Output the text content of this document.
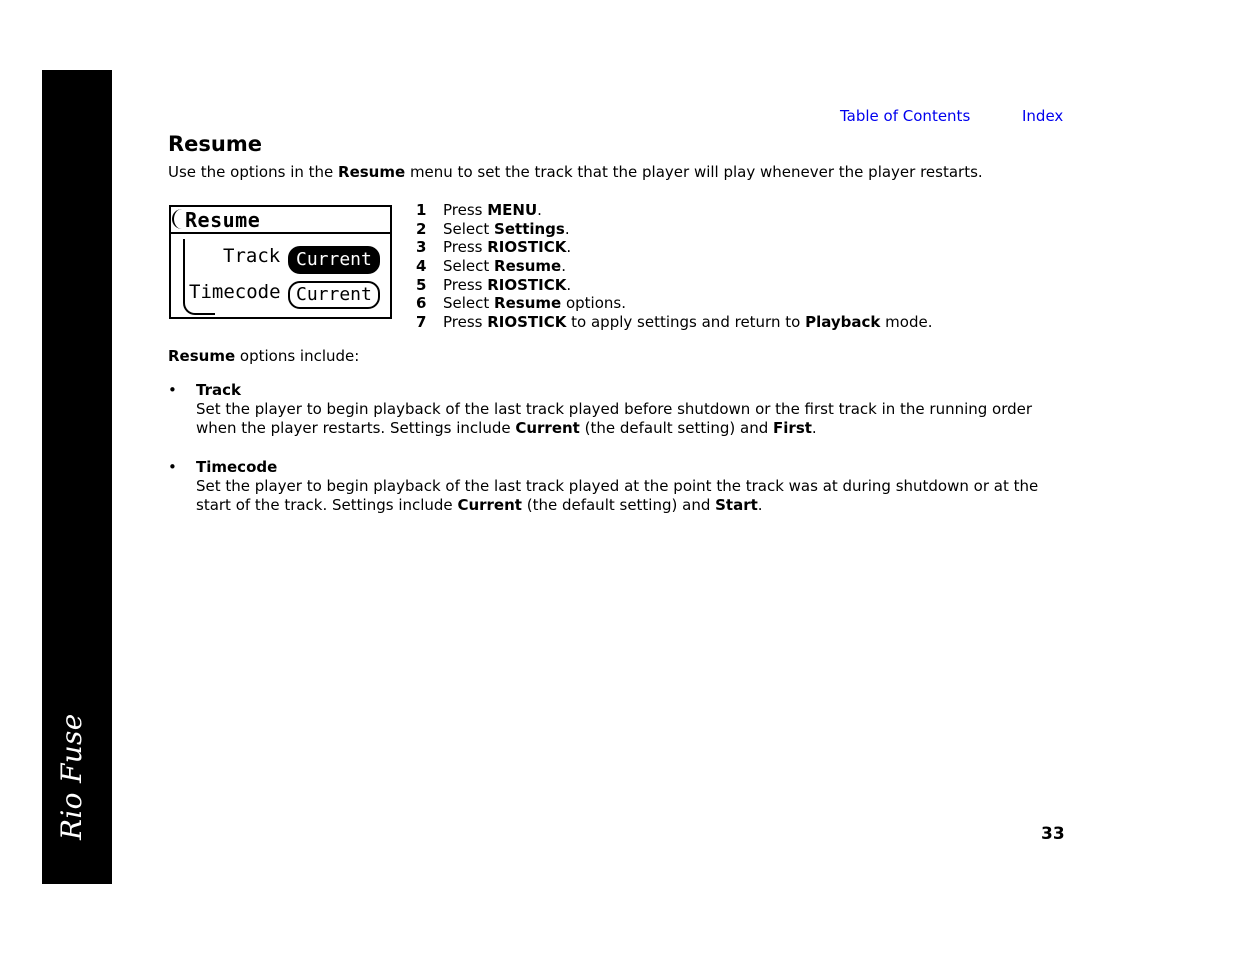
Rio Fuse
Table of Contents	Index
Resume

Use the options in the Resume menu to set the track that the player will play whenever the player restarts.

Resume
Track Current
Timecode Current
1 Press MENU.
2 Select Settings.
3 Press RIOSTICK.
4 Select Resume.
5 Press RIOSTICK.
6 Select Resume options.
7 Press RIOSTICK to apply settings and return to Playback mode.

Resume options include:

• Track
Set the player to begin playback of the last track played before shutdown or the first track in the running order
when the player restarts. Settings include Current (the default setting) and First.
• Timecode
Set the player to begin playback of the last track played at the point the track was at during shutdown or at the
start of the track. Settings include Current (the default setting) and Start.
33
